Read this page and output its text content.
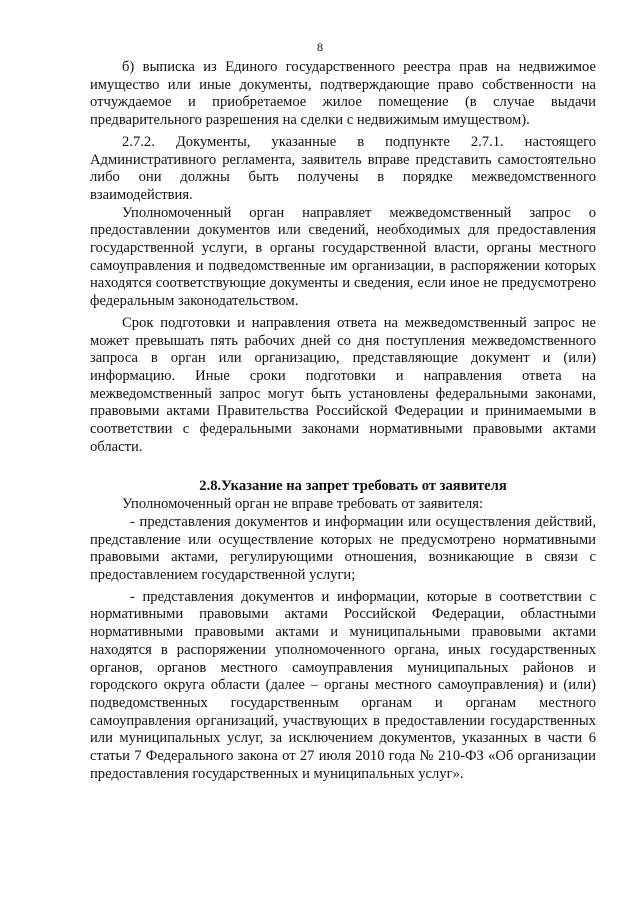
8

б) выписка из Единого государственного реестра прав на недвижимое имущество или иные документы, подтверждающие право собственности на отчуждаемое и приобретаемое жилое помещение (в случае выдачи предварительного разрешения на сделки с недвижимым имуществом).

2.7.2. Документы, указанные в подпункте 2.7.1. настоящего Административного регламента, заявитель вправе представить самостоятельно либо они должны быть получены в порядке межведомственного взаимодействия.

Уполномоченный орган направляет межведомственный запрос о предоставлении документов или сведений, необходимых для предоставления государственной услуги, в органы государственной власти, органы местного самоуправления и подведомственные им организации, в распоряжении которых находятся соответствующие документы и сведения, если иное не предусмотрено федеральным законодательством.

Срок подготовки и направления ответа на межведомственный запрос не может превышать пять рабочих дней со дня поступления межведомственного запроса в орган или организацию, представляющие документ и (или) информацию. Иные сроки подготовки и направления ответа на межведомственный запрос могут быть установлены федеральными законами, правовыми актами Правительства Российской Федерации и принимаемыми в соответствии с федеральными законами нормативными правовыми актами области.

2.8.Указание на запрет требовать от заявителя

Уполномоченный орган не вправе требовать от заявителя:

- представления документов и информации или осуществления действий, представление или осуществление которых не предусмотрено нормативными правовыми актами, регулирующими отношения, возникающие в связи с предоставлением государственной услуги;

- представления документов и информации, которые в соответствии с нормативными правовыми актами Российской Федерации, областными нормативными правовыми актами и муниципальными правовыми актами находятся в распоряжении уполномоченного органа, иных государственных органов, органов местного самоуправления муниципальных районов и городского округа области (далее – органы местного самоуправления) и (или) подведомственных государственным органам и органам местного самоуправления организаций, участвующих в предоставлении государственных или муниципальных услуг, за исключением документов, указанных в части 6 статьи 7 Федерального закона от 27 июля 2010 года № 210-ФЗ «Об организации предоставления государственных и муниципальных услуг».
